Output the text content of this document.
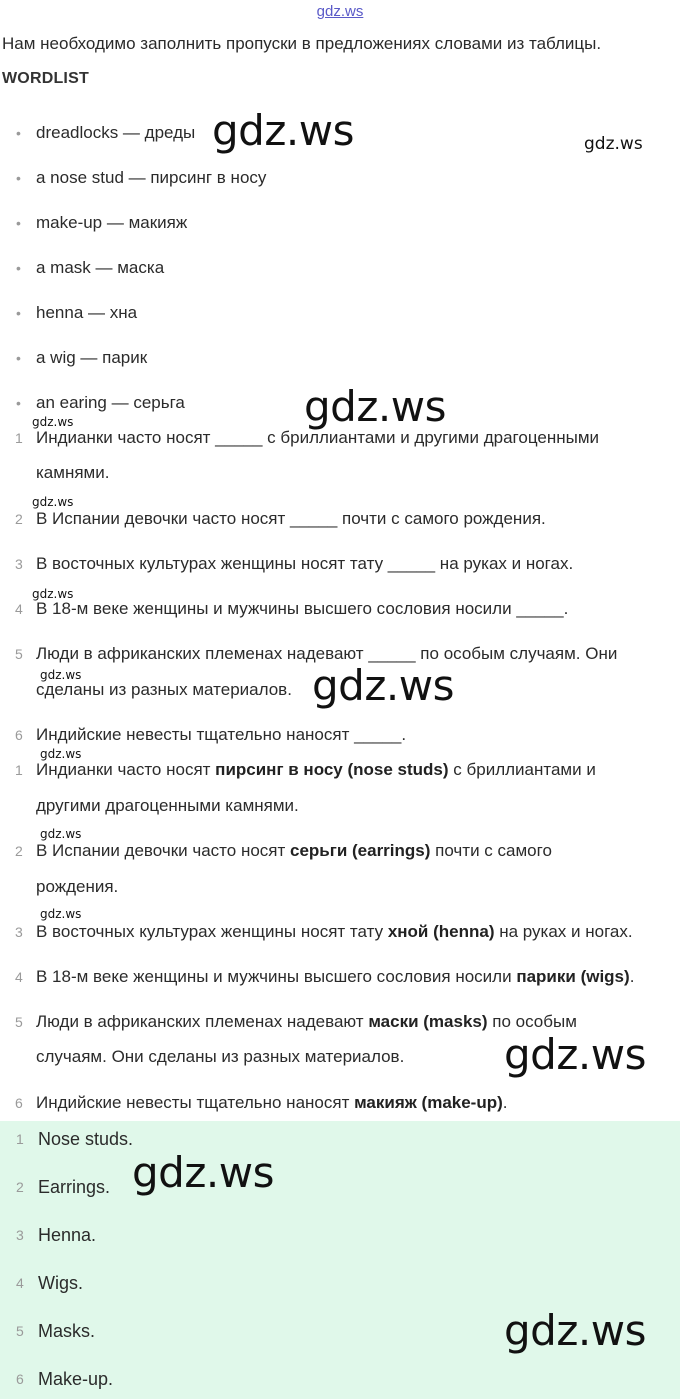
gdz.ws
Нам необходимо заполнить пропуски в предложениях словами из таблицы.
WORDLIST
• dreadlocks — дреды
• a nose stud — пирсинг в носу
• make-up — макияж
• a mask — маска
• henna — хна
• a wig — парик
• an earing — серьга
1 Индианки часто носят _____ с бриллиантами и другими драгоценными
камнями.
2 В Испании девочки часто носят _____ почти с самого рождения.
3 В восточных культурах женщины носят тату _____ на руках и ногах.
4 В 18-м веке женщины и мужчины высшего сословия носили _____.
5 Люди в африканских племенах надевают _____ по особым случаям. Они
сделаны из разных материалов.
6 Индийские невесты тщательно наносят _____.
1 Индианки часто носят пирсинг в носу (nose studs) с бриллиантами и
другими драгоценными камнями.
2 В Испании девочки часто носят серьги (earrings) почти с самого
рождения.
3 В восточных культурах женщины носят тату хной (henna) на руках и ногах.
4 В 18-м веке женщины и мужчины высшего сословия носили парики (wigs).
5 Люди в африканских племенах надевают маски (masks) по особым
случаям. Они сделаны из разных материалов.
6 Индийские невесты тщательно наносят макияж (make-up).
1 Nose studs.
2 Earrings.
3 Henna.
4 Wigs.
5 Masks.
6 Make-up.
gdz.ws	gdz.ws
gdz.ws
gdz.ws
gdz.ws
gdz.ws
gdz.ws	gdz.ws
gdz.ws
gdz.ws
gdz.ws
gdz.ws
gdz.ws
gdz.ws
